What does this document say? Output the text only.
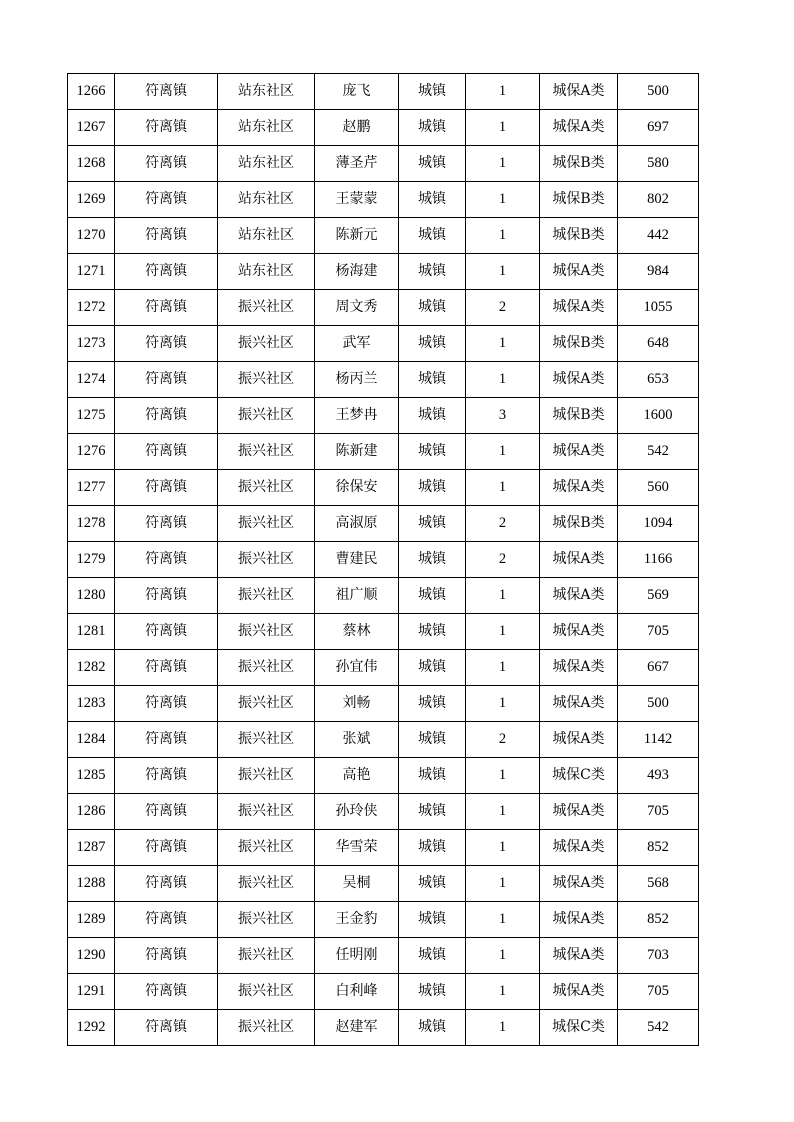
1266	符离镇	站东社区	庞飞	城镇	1	城保A类	500
1267	符离镇	站东社区	赵鹏	城镇	1	城保A类	697
1268	符离镇	站东社区	薄圣芹	城镇	1	城保B类	580
1269	符离镇	站东社区	王蒙蒙	城镇	1	城保B类	802
1270	符离镇	站东社区	陈新元	城镇	1	城保B类	442
1271	符离镇	站东社区	杨海建	城镇	1	城保A类	984
1272	符离镇	振兴社区	周文秀	城镇	2	城保A类	1055
1273	符离镇	振兴社区	武军	城镇	1	城保B类	648
1274	符离镇	振兴社区	杨丙兰	城镇	1	城保A类	653
1275	符离镇	振兴社区	王梦冉	城镇	3	城保B类	1600
1276	符离镇	振兴社区	陈新建	城镇	1	城保A类	542
1277	符离镇	振兴社区	徐保安	城镇	1	城保A类	560
1278	符离镇	振兴社区	高淑原	城镇	2	城保B类	1094
1279	符离镇	振兴社区	曹建民	城镇	2	城保A类	1166
1280	符离镇	振兴社区	祖广顺	城镇	1	城保A类	569
1281	符离镇	振兴社区	蔡林	城镇	1	城保A类	705
1282	符离镇	振兴社区	孙宜伟	城镇	1	城保A类	667
1283	符离镇	振兴社区	刘畅	城镇	1	城保A类	500
1284	符离镇	振兴社区	张斌	城镇	2	城保A类	1142
1285	符离镇	振兴社区	高艳	城镇	1	城保C类	493
1286	符离镇	振兴社区	孙玲侠	城镇	1	城保A类	705
1287	符离镇	振兴社区	华雪荣	城镇	1	城保A类	852
1288	符离镇	振兴社区	吴桐	城镇	1	城保A类	568
1289	符离镇	振兴社区	王金豹	城镇	1	城保A类	852
1290	符离镇	振兴社区	任明刚	城镇	1	城保A类	703
1291	符离镇	振兴社区	白利峰	城镇	1	城保A类	705
1292	符离镇	振兴社区	赵建军	城镇	1	城保C类	542
